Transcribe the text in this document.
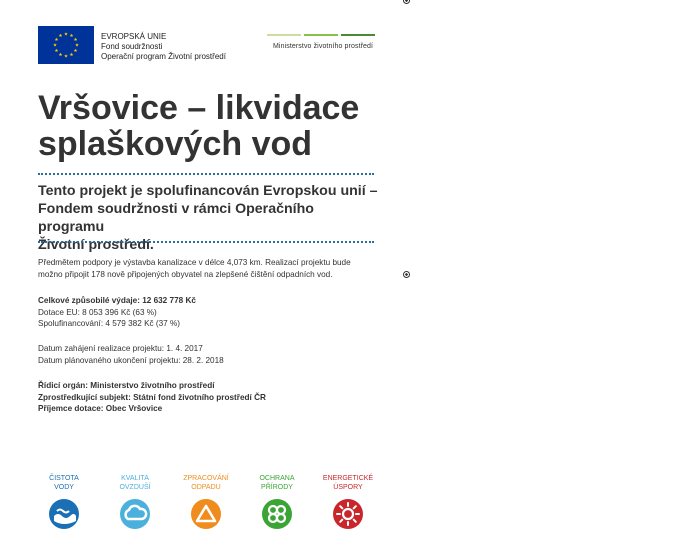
EVROPSKÁ UNIE
Fond soudržnosti
Operační program Životní prostředí
Ministerstvo životního prostředí
Vršovice – likvidace
splaškových vod
Tento projekt je spolufinancován Evropskou unií –
Fondem soudržnosti v rámci Operačního programu
Životní prostředí.

Předmětem podpory je výstavba kanalizace v délce 4,073 km. Realizací projektu bude

možno připojit 178 nově připojených obyvatel na zlepšené čištění odpadních vod.

Celkové způsobilé výdaje: 12 632 778 Kč

Dotace EU: 8 053 396 Kč (63 %)

Spolufinancování: 4 579 382 Kč (37 %)

Datum zahájení realizace projektu: 1. 4. 2017

Datum plánovaného ukončení projektu: 28. 2. 2018

Řídicí orgán: Ministerstvo životního prostředí

Zprostředkující subjekt: Státní fond životního prostředí ČR

Příjemce dotace: Obec Vršovice

ČISTOTA
VODY
KVALITA
OVZDUŠÍ
ZPRACOVÁNÍ
ODPADU
OCHRANA
PŘÍRODY
ENERGETICKÉ
ÚSPORY
